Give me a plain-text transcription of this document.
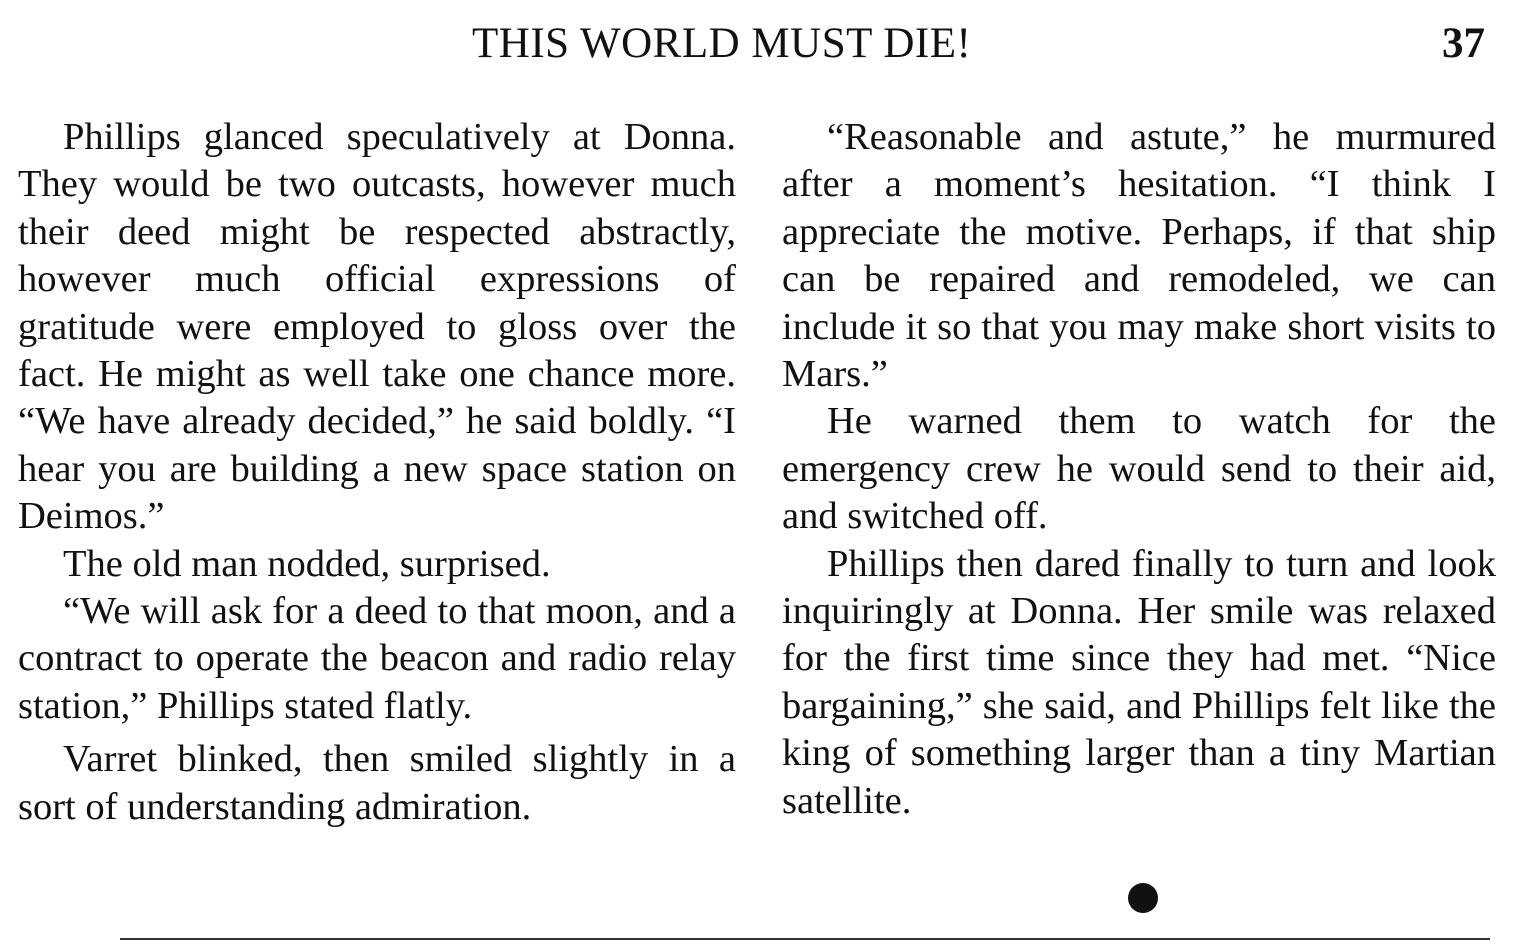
THIS WORLD MUST DIE!	37

Phillips glanced speculatively at Donna. They would be two outcasts, however much their deed might be respected abstractly, however much official expressions of gratitude were employed to gloss over the fact. He might as well take one chance more. “We have already decided,” he said boldly. “I hear you are building a new space station on Deimos.”

The old man nodded, surprised.

“We will ask for a deed to that moon, and a contract to operate the beacon and radio relay station,” Phillips stated flatly.

Varret blinked, then smiled slightly in a sort of understanding admiration.

“Reasonable and astute,” he murmured after a moment’s hesitation. “I think I appreciate the motive. Perhaps, if that ship can be repaired and remodeled, we can include it so that you may make short visits to Mars.”

He warned them to watch for the emergency crew he would send to their aid, and switched off.

Phillips then dared finally to turn and look inquiringly at Donna. Her smile was relaxed for the first time since they had met. “Nice bargaining,” she said, and Phillips felt like the king of something larger than a tiny Martian satellite.
